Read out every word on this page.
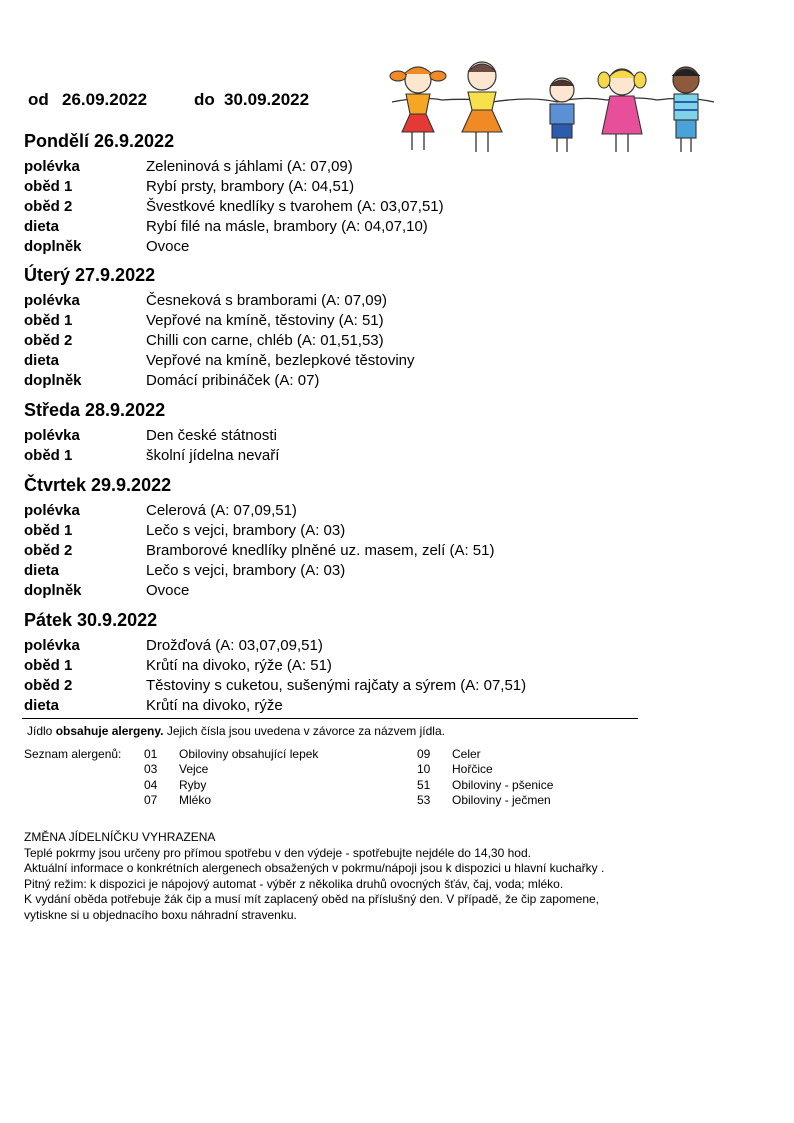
od 26.09.2022	do 30.09.2022
Pondělí 26.9.2022
polévka	Zeleninová s jáhlami (A: 07,09)
oběd 1	Rybí prsty, brambory (A: 04,51)
oběd 2	Švestkové knedlíky s tvarohem (A: 03,07,51)
dieta	Rybí filé na másle, brambory (A: 04,07,10)
doplněk	Ovoce
Úterý 27.9.2022
polévka	Česneková s bramborami (A: 07,09)
oběd 1	Vepřové na kmíně, těstoviny (A: 51)
oběd 2	Chilli con carne, chléb (A: 01,51,53)
dieta	Vepřové na kmíně, bezlepkové těstoviny
doplněk	Domácí pribináček (A: 07)
Středa 28.9.2022
polévka	Den české státnosti
oběd 1	školní jídelna nevaří
Čtvrtek 29.9.2022
polévka	Celerová (A: 07,09,51)
oběd 1	Lečo s vejci, brambory (A: 03)
oběd 2	Bramborové knedlíky plněné uz. masem, zelí (A: 51)
dieta	Lečo s vejci, brambory (A: 03)
doplněk	Ovoce
Pátek 30.9.2022
polévka	Drožďová (A: 03,07,09,51)
oběd 1	Krůtí na divoko, rýže (A: 51)
oběd 2	Těstoviny s cuketou, sušenými rajčaty a sýrem (A: 07,51)
dieta	Krůtí na divoko, rýže
Jídlo obsahuje alergeny. Jejich čísla jsou uvedena v závorce za názvem jídla.
Seznam alergenů: 01 Obiloviny obsahující lepek
03 Vejce
04 Ryby
07 Mléko
09 Celer
10 Hořčice
51 Obiloviny - pšenice
53 Obiloviny - ječmen

ZMĚNA JÍDELNÍČKU VYHRAZENA

Teplé pokrmy jsou určeny pro přímou spotřebu v den výdeje - spotřebujte nejdéle do 14,30 hod.

Aktuální informace o konkrétních alergenech obsažených v pokrmu/nápoji jsou k dispozici u hlavní kuchařky .

Pitný režim: k dispozici je nápojový automat - výběr z několika druhů ovocných šťáv, čaj, voda; mléko.

K vydání oběda potřebuje žák čip a musí mít zaplacený oběd na příslušný den. V případě, že čip zapomene, vytiskne si u objednacího boxu náhradní stravenku.
